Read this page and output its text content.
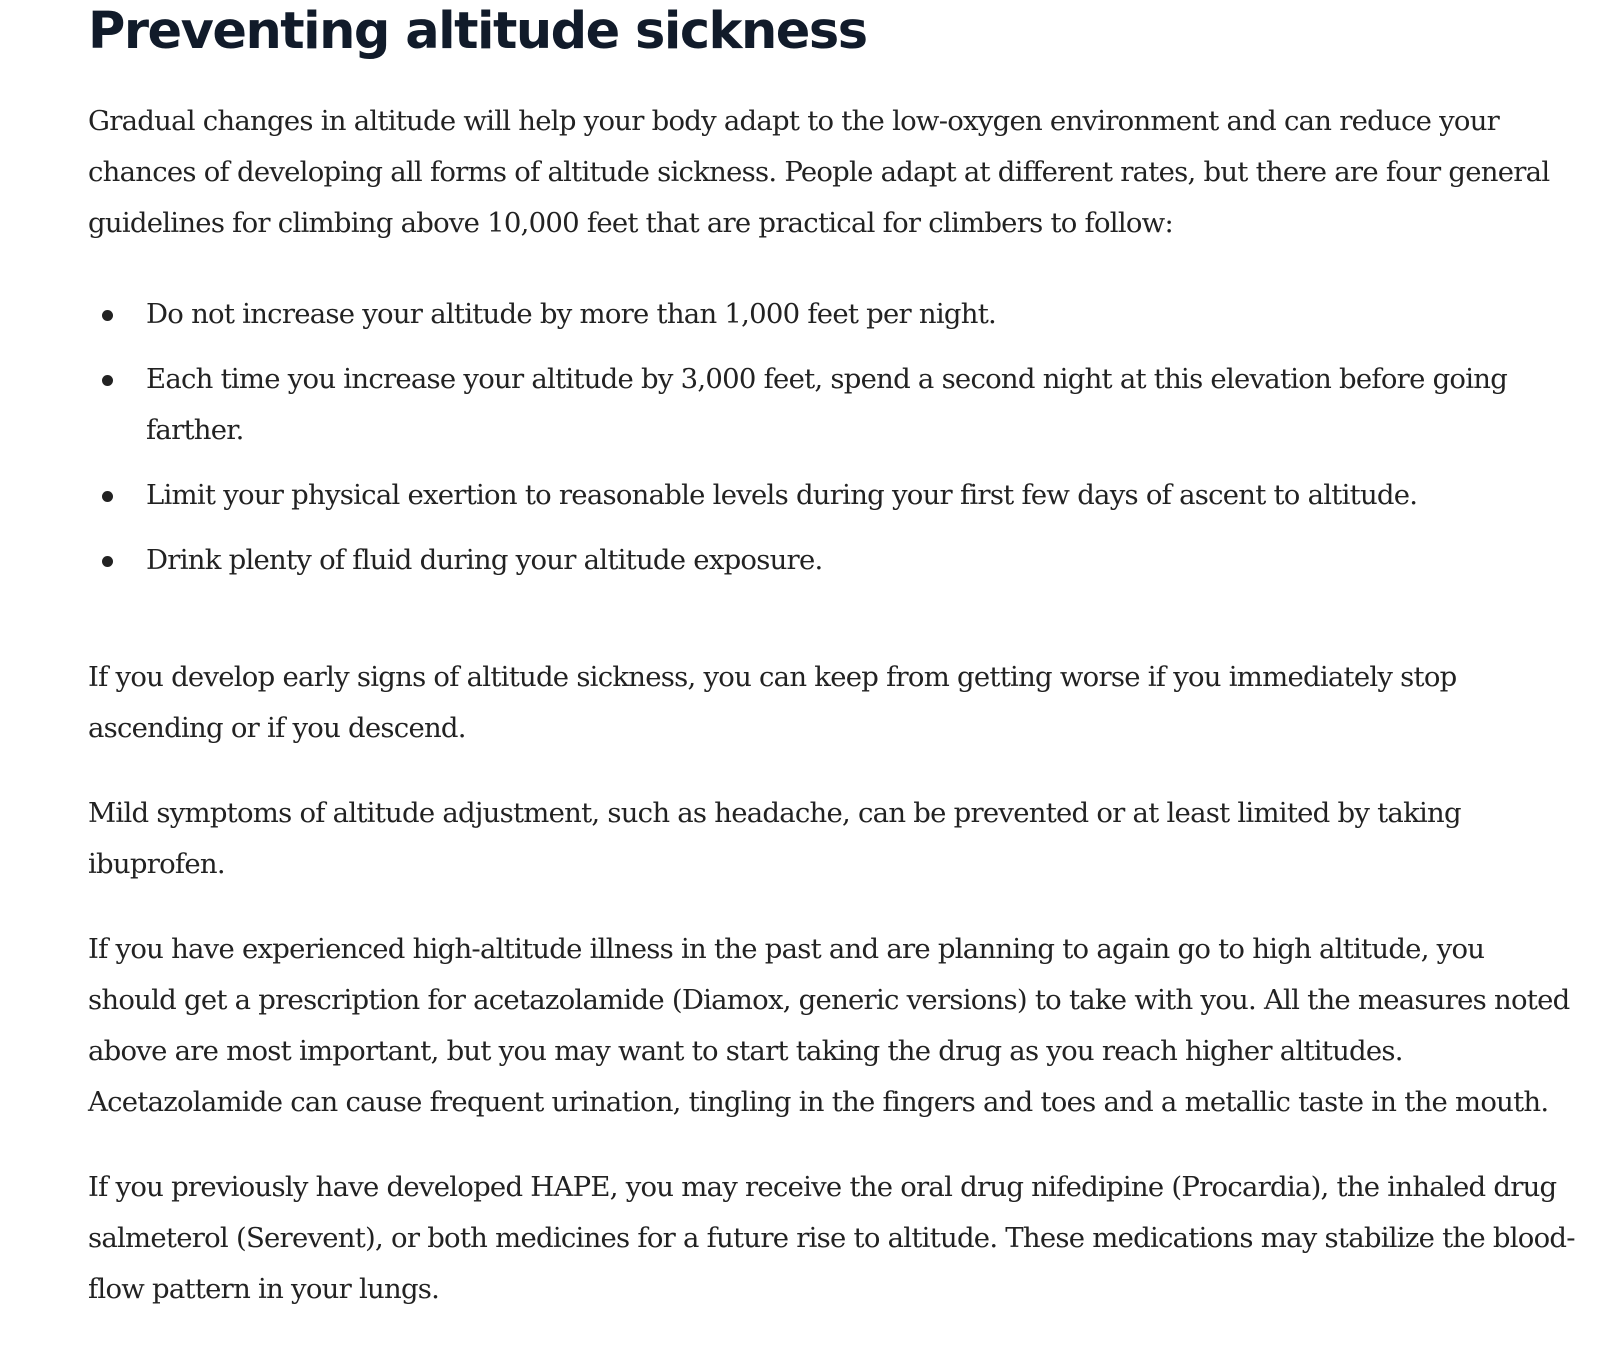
Preventing altitude sickness

Gradual changes in altitude will help your body adapt to the low-oxygen environment and can reduce your chances of developing all forms of altitude sickness. People adapt at different rates, but there are four general guidelines for climbing above 10,000 feet that are practical for climbers to follow:

Do not increase your altitude by more than 1,000 feet per night.
Each time you increase your altitude by 3,000 feet, spend a second night at this elevation before going farther.
Limit your physical exertion to reasonable levels during your first few days of ascent to altitude.
Drink plenty of fluid during your altitude exposure.

If you develop early signs of altitude sickness, you can keep from getting worse if you immediately stop ascending or if you descend.

Mild symptoms of altitude adjustment, such as headache, can be prevented or at least limited by taking ibuprofen.

If you have experienced high-altitude illness in the past and are planning to again go to high altitude, you should get a prescription for acetazolamide (Diamox, generic versions) to take with you. All the measures noted above are most important, but you may want to start taking the drug as you reach higher altitudes. Acetazolamide can cause frequent urination, tingling in the fingers and toes and a metallic taste in the mouth.

If you previously have developed HAPE, you may receive the oral drug nifedipine (Procardia), the inhaled drug salmeterol (Serevent), or both medicines for a future rise to altitude. These medications may stabilize the blood-flow pattern in your lungs.
